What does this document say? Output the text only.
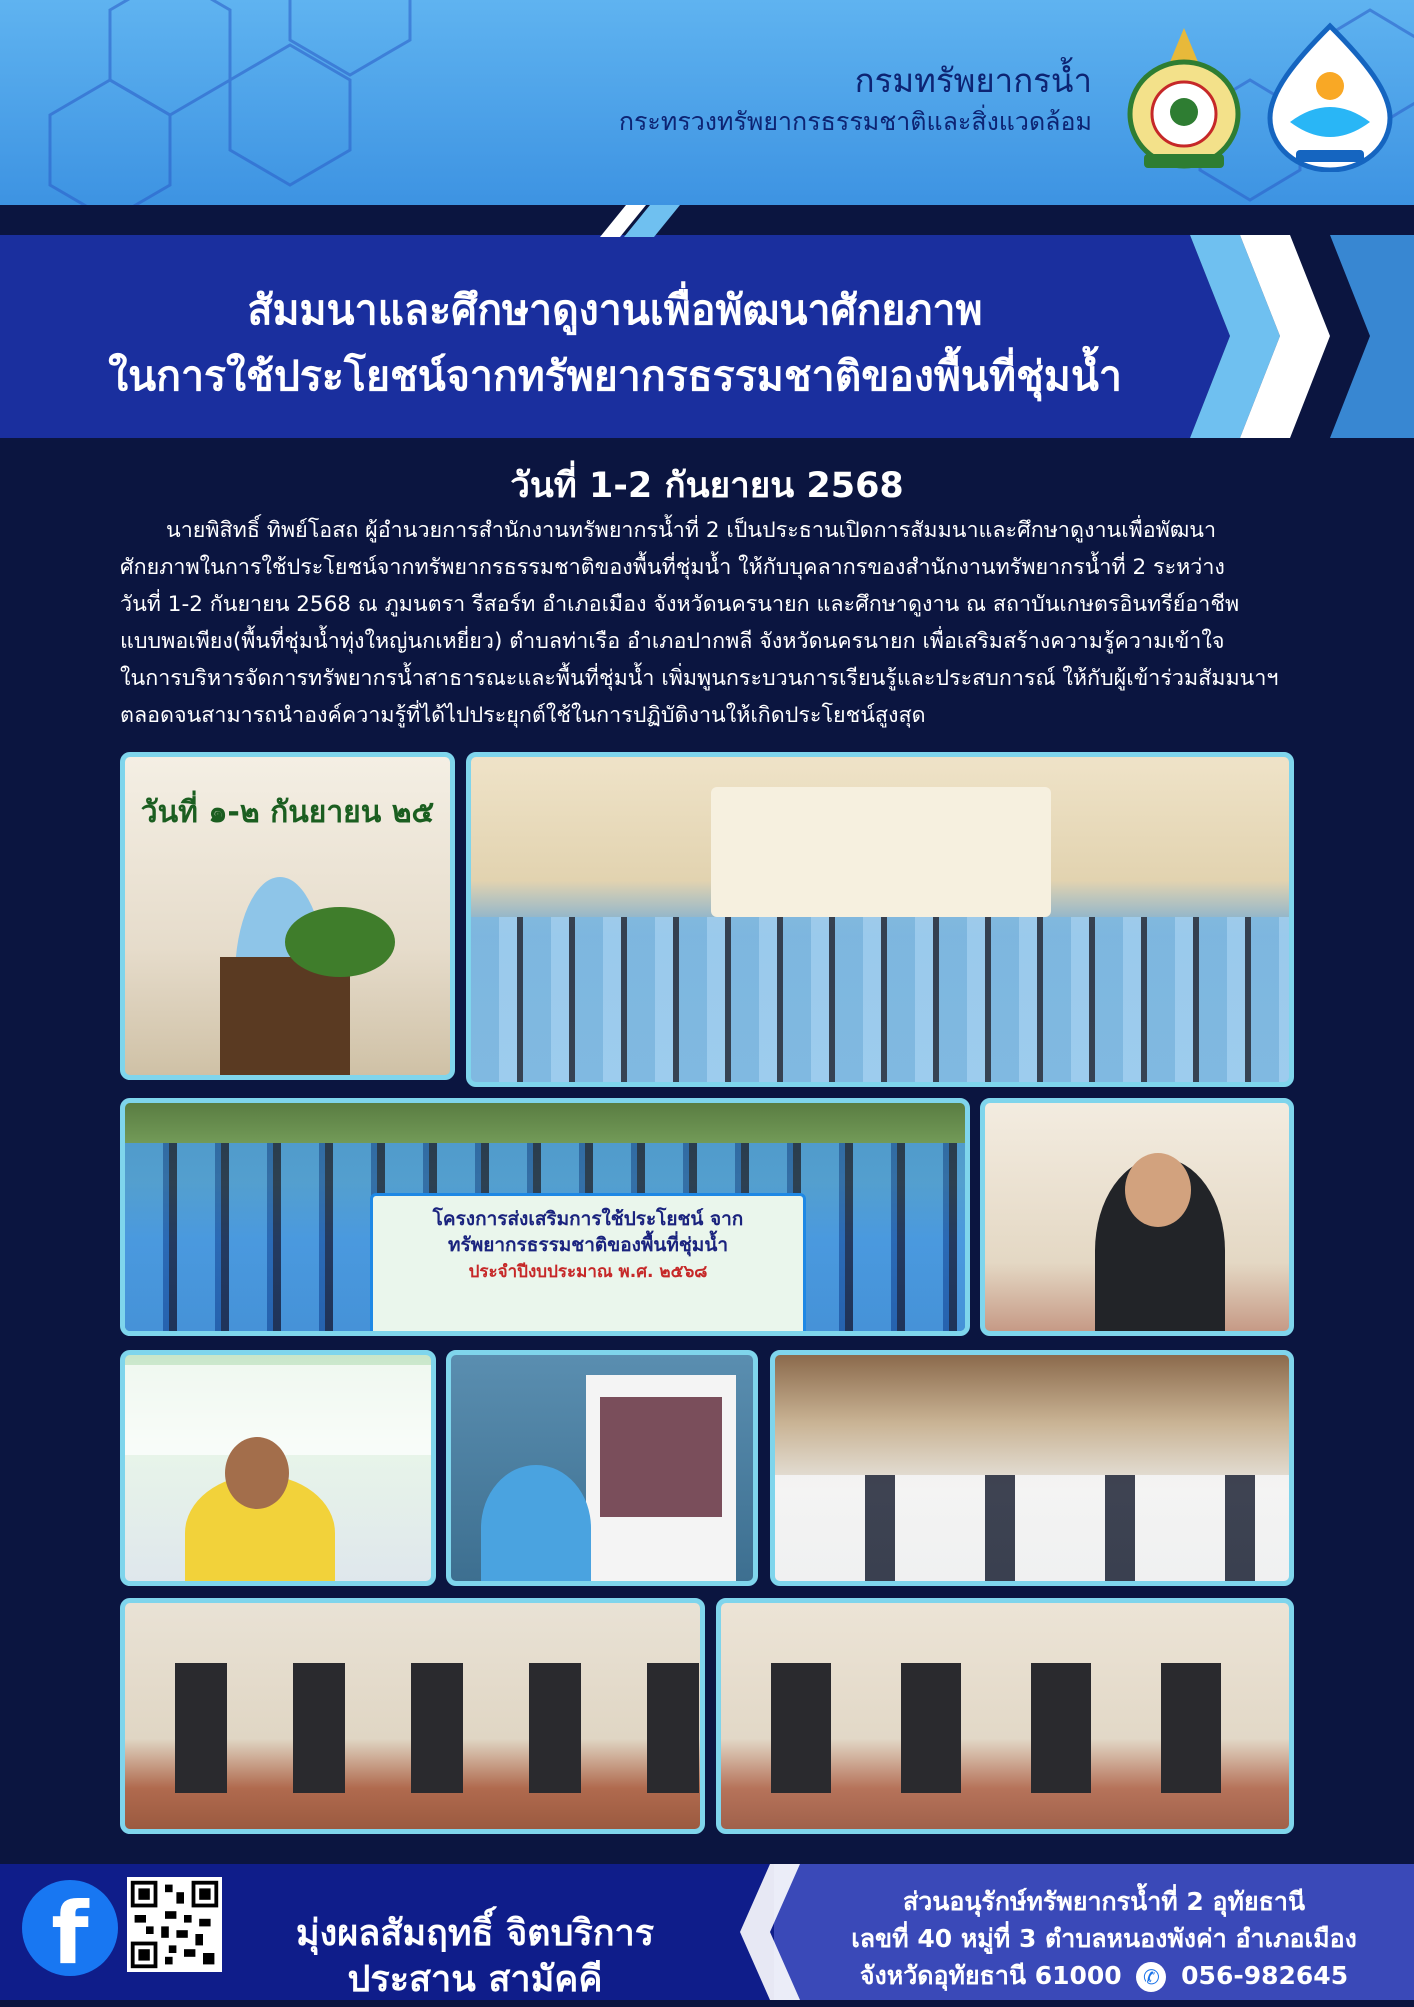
กรมทรัพยากรน้ำ
กระทรวงทรัพยากรธรรมชาติและสิ่งแวดล้อม
สัมมนาและศึกษาดูงานเพื่อพัฒนาศักยภาพ
ในการใช้ประโยชน์จากทรัพยากรธรรมชาติของพื้นที่ชุ่มน้ำ
วันที่ 1-2 กันยายน 2568

นายพิสิทธิ์ ทิพย์โอสถ ผู้อำนวยการสำนักงานทรัพยากรน้ำที่ 2 เป็นประธานเปิดการสัมมนาและศึกษาดูงานเพื่อพัฒนา

ศักยภาพในการใช้ประโยชน์จากทรัพยากรธรรมชาติของพื้นที่ชุ่มน้ำ ให้กับบุคลากรของสำนักงานทรัพยากรน้ำที่ 2 ระหว่าง

วันที่ 1-2 กันยายน 2568 ณ ภูมนตรา รีสอร์ท อำเภอเมือง จังหวัดนครนายก และศึกษาดูงาน ณ สถาบันเกษตรอินทรีย์อาชีพ

แบบพอเพียง(พื้นที่ชุ่มน้ำทุ่งใหญ่นกเหยี่ยว) ตำบลท่าเรือ อำเภอปากพลี จังหวัดนครนายก เพื่อเสริมสร้างความรู้ความเข้าใจ

ในการบริหารจัดการทรัพยากรน้ำสาธารณะและพื้นที่ชุ่มน้ำ เพิ่มพูนกระบวนการเรียนรู้และประสบการณ์ ให้กับผู้เข้าร่วมสัมมนาฯ

ตลอดจนสามารถนำองค์ความรู้ที่ได้ไปประยุกต์ใช้ในการปฏิบัติงานให้เกิดประโยชน์สูงสุด

วันที่ ๑-๒ กันยายน ๒๕
โครงการส่งเสริมการใช้ประโยชน์ จากทรัพยากรธรรมชาติของพื้นที่ชุ่มน้ำ
ประจำปีงบประมาณ พ.ศ. ๒๕๖๘
f	มุ่งผลสัมฤทธิ์ จิตบริการ
ประสาน สามัคคี
ส่วนอนุรักษ์ทรัพยากรน้ำที่ 2 อุทัยธานี
เลขที่ 40 หมู่ที่ 3 ตำบลหนองพังค่า อำเภอเมือง
จังหวัดอุทัยธานี 61000 ✆ 056-982645
